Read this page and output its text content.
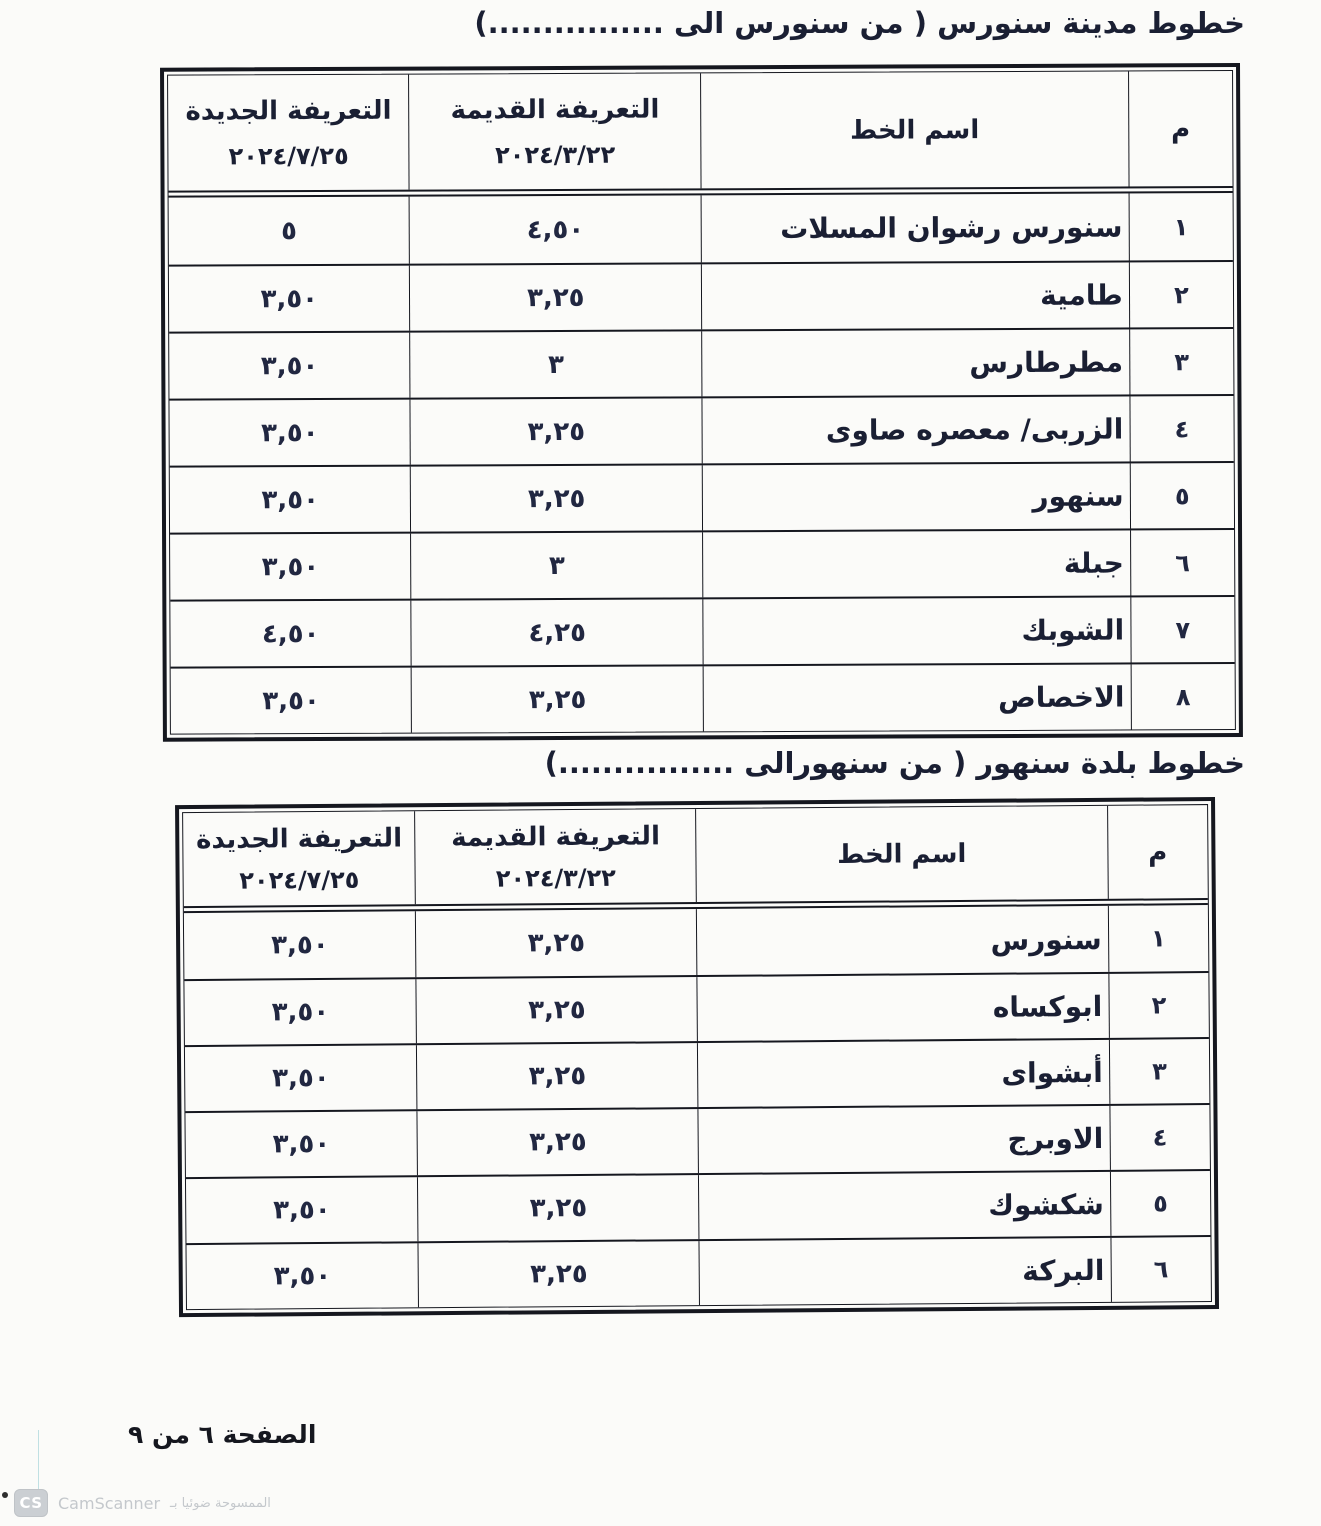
خطوط مدينة سنورس ( من سنورس الى ................)
م
اسم الخط
التعريفة القديمة
٢٠٢٤/٣/٢٢
التعريفة الجديدة
٢٠٢٤/٧/٢٥
١
سنورس رشوان المسلات
٤,٥٠
٥
٢
طامية
٣,٢٥
٣,٥٠
٣
مطرطارس
٣
٣,٥٠
٤
الزربى/ معصره صاوى
٣,٢٥
٣,٥٠
٥
سنهور
٣,٢٥
٣,٥٠
٦
جبلة
٣
٣,٥٠
٧
الشوبك
٤,٢٥
٤,٥٠
٨
الاخصاص
٣,٢٥
٣,٥٠
خطوط بلدة سنهور ( من سنهورالى ................)
م
اسم الخط
التعريفة القديمة
٢٠٢٤/٣/٢٢
التعريفة الجديدة
٢٠٢٤/٧/٢٥
١
سنورس
٣,٢٥
٣,٥٠
٢
ابوكساه
٣,٢٥
٣,٥٠
٣
أبشواى
٣,٢٥
٣,٥٠
٤
الاوبرج
٣,٢٥
٣,٥٠
٥
شكشوك
٣,٢٥
٣,٥٠
٦
البركة
٣,٢٥
٣,٥٠
الصفحة ٦ من ٩
CS CamScanner الممسوحة ضوئيا بـ
